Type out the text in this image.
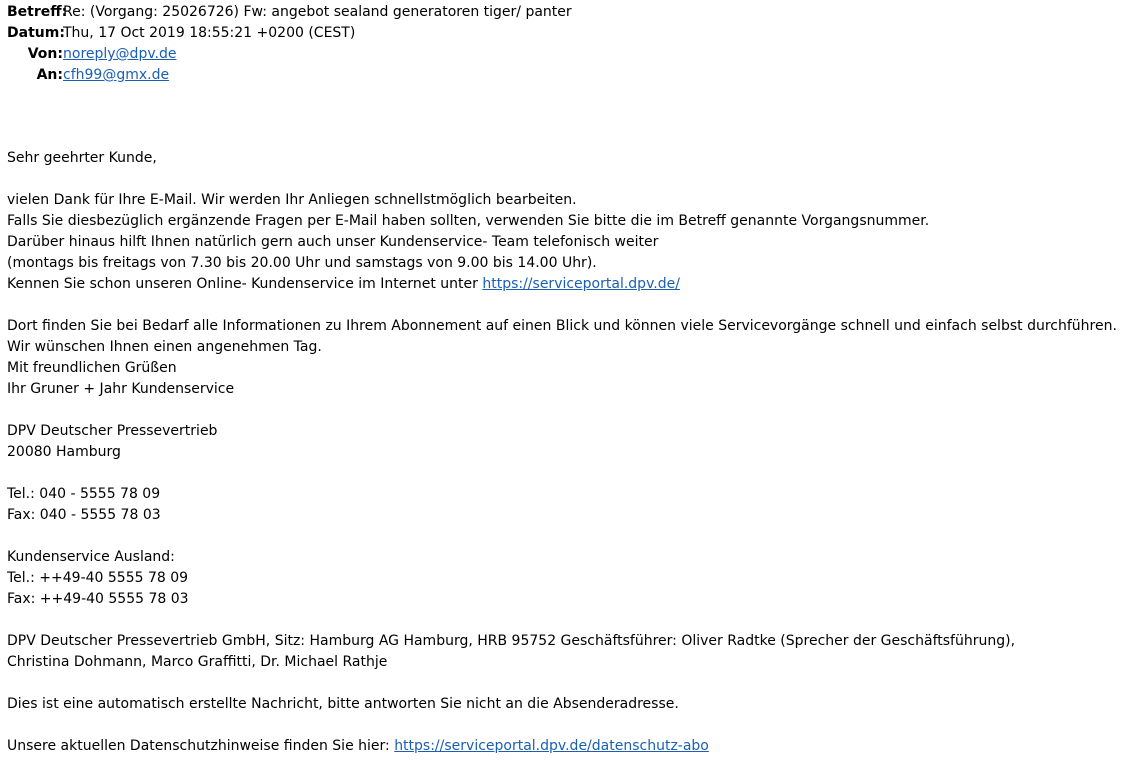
Betreff:Re: (Vorgang: 25026726) Fw: angebot sealand generatoren tiger/ panter
Datum:Thu, 17 Oct 2019 18:55:21 +0200 (CEST)
Von:noreply@dpv.de
An:cfh99@gmx.de
Sehr geehrter Kunde,
vielen Dank für Ihre E-Mail. Wir werden Ihr Anliegen schnellstmöglich bearbeiten.
Falls Sie diesbezüglich ergänzende Fragen per E-Mail haben sollten, verwenden Sie bitte die im Betreff genannte Vorgangsnummer.
Darüber hinaus hilft Ihnen natürlich gern auch unser Kundenservice- Team telefonisch weiter
(montags bis freitags von 7.30 bis 20.00 Uhr und samstags von 9.00 bis 14.00 Uhr).
Kennen Sie schon unseren Online- Kundenservice im Internet unter https://serviceportal.dpv.de/
Dort finden Sie bei Bedarf alle Informationen zu Ihrem Abonnement auf einen Blick und können viele Servicevorgänge schnell und einfach selbst durchführen.
Wir wünschen Ihnen einen angenehmen Tag.
Mit freundlichen Grüßen
Ihr Gruner + Jahr Kundenservice
DPV Deutscher Pressevertrieb
20080 Hamburg
Tel.: 040 - 5555 78 09
Fax: 040 - 5555 78 03
Kundenservice Ausland:
Tel.: ++49-40 5555 78 09
Fax: ++49-40 5555 78 03
DPV Deutscher Pressevertrieb GmbH, Sitz: Hamburg AG Hamburg, HRB 95752 Geschäftsführer: Oliver Radtke (Sprecher der Geschäftsführung),
Christina Dohmann, Marco Graffitti, Dr. Michael Rathje
Dies ist eine automatisch erstellte Nachricht, bitte antworten Sie nicht an die Absenderadresse.
Unsere aktuellen Datenschutzhinweise finden Sie hier: https://serviceportal.dpv.de/datenschutz-abo
